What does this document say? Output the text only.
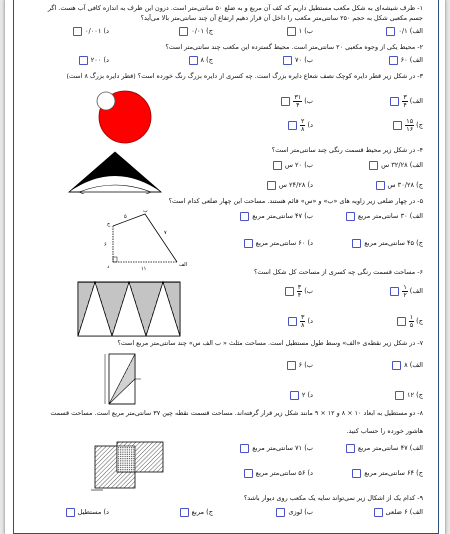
۱- ظرف شیشه‌ای به شکل مکعب مستطیل داریم که کف آن مربع و به ضلع ۵۰ سانتی‌متر است. درون این ظرف به اندازه کافی آب هست. اگر
جسم مکعبی شکل به حجم ۲۵۰ سانتی‌متر مکعب را داخل آن قرار دهیم ارتفاع آن چند سانتی‌متر بالا می‌آید؟
الف) ۰/۱
ب) ۱
ج) ۰/۰۱
د) ۰/۰۰۱
۲- محیط یکی از وجوه مکعبی ۲۰ سانتی‌متر است. محیط گسترده این مکعب چند سانتی‌متر است؟
الف) ۶۰
ب) ۷۰
ج) ۸
د) ۲۰۰
۳- در شکل زیر قطر دایره کوچک نصف شعاع دایره بزرگ است. چه کسری از دایره بزرگ رنگ خورده است؟ (قطر دایره بزرگ ۸ است)
الف)
۳
۴
ب)
۳۱
۴
ج)
۱۵
۱۶
د)
۲
۸
۴- در شکل زیر محیط قسمت رنگی چند سانتی‌متر است؟
الف) ۳۲/۲۸ س
ب) ۲۰ س
ج) ۳۰/۲۸ س
د) ۲۴/۲۸ س
۵- در چهار ضلعی زیر زاویه های «ب» و «س» قائم هستند. مساحت این چهار ضلعی کدام است؟
الف
ب
ج
د
۵
۶
۷
۱۱
الف) ۳۰ سانتی‌متر مربع
ب) ۴۷ سانتی‌متر مربع
ج) ۴۵ سانتی‌متر مربع
د) ۶۰ سانتی‌متر مربع
۶- مساحت قسمت رنگی چه کسری از مساحت کل شکل است؟
الف)
۱
۲
ب)
۳
۴
ج)
۱
۵
د)
۳
۸
۷- در شکل زیر نقطه‌ی «الف» وسط طول مستطیل است. مساحت مثلث « ب الف س» چند سانتی‌متر مربع است؟
الف) ۸
ب) ۶
ج) ۱۲
د) ۲
۸- دو مستطیل به ابعاد ۱۰ × ۸ و ۱۲ × ۹ مانند شکل زیر قرار گرفته‌اند. مساحت قسمت نقطه چین ۳۷ سانتی‌متر مربع است. مساحت قسمت
هاشور خورده را حساب کنید.
الف) ۴۷ سانتی‌متر مربع
ب) ۷۱ سانتی‌متر مربع
ج) ۶۴ سانتی‌متر مربع
د) ۵۶ سانتی‌متر مربع
۹- کدام یک از اشکال زیر نمی‌تواند سایه یک مکعب روی دیوار باشد؟
الف) ۶ ضلعی
ب) لوزی
ج) مربع
د) مستطیل
